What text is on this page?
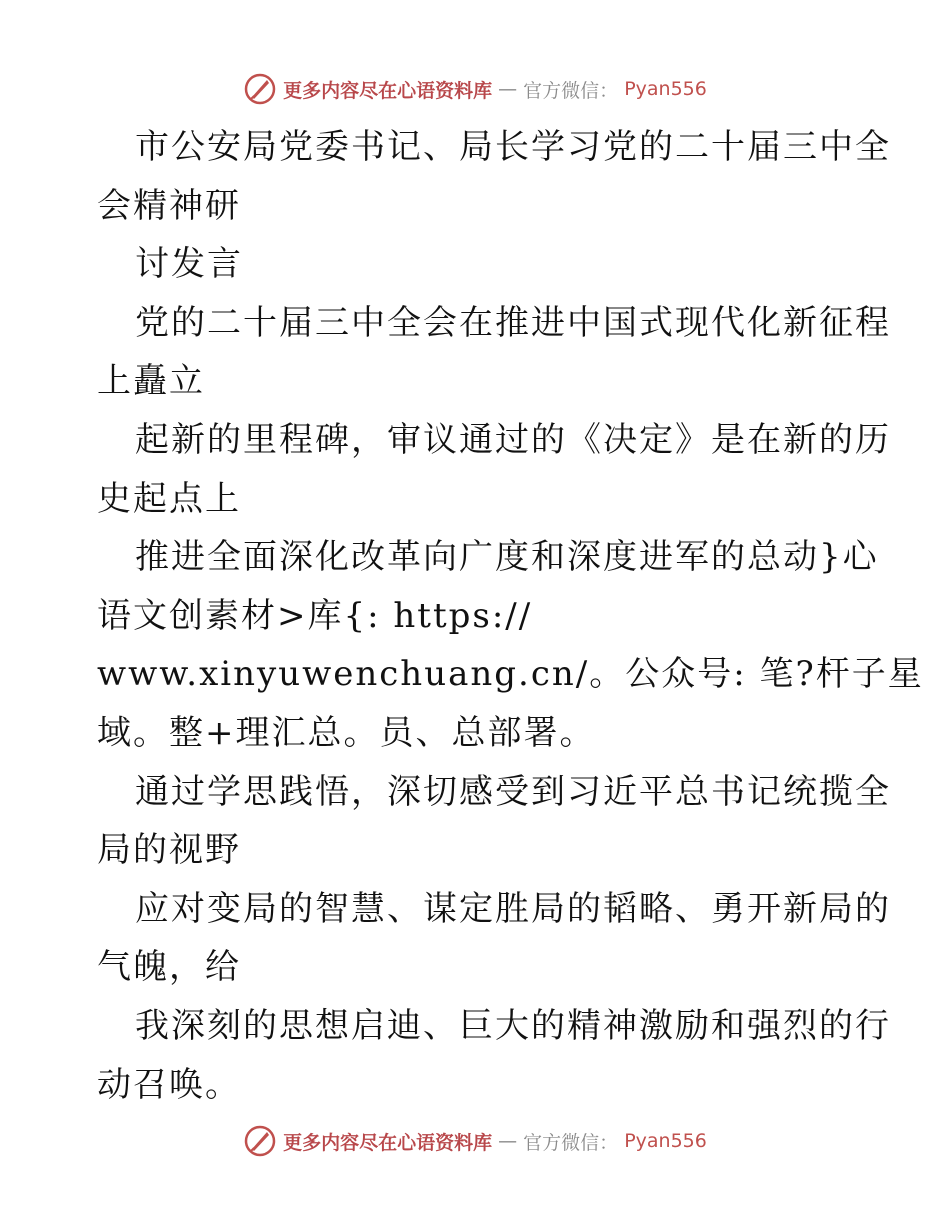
更多内容尽在心语资料库 — 官方微信： Pyan556
市公安局党委书记、局长学习党的二十届三中全
会精神研
讨发言
党的二十届三中全会在推进中国式现代化新征程
上矗立
起新的里程碑，审议通过的《决定》是在新的历
史起点上
推进全面深化改革向广度和深度进军的总动}心
语文创素材>库{: https://
www.xinyuwenchuang.cn/。公众号: 笔?杆子星
域。整+理汇总。员、总部署。
通过学思践悟，深切感受到习近平总书记统揽全
局的视野
应对变局的智慧、谋定胜局的韬略、勇开新局的
气魄，给
我深刻的思想启迪、巨大的精神激励和强烈的行
动召唤。
更多内容尽在心语资料库 — 官方微信： Pyan556
